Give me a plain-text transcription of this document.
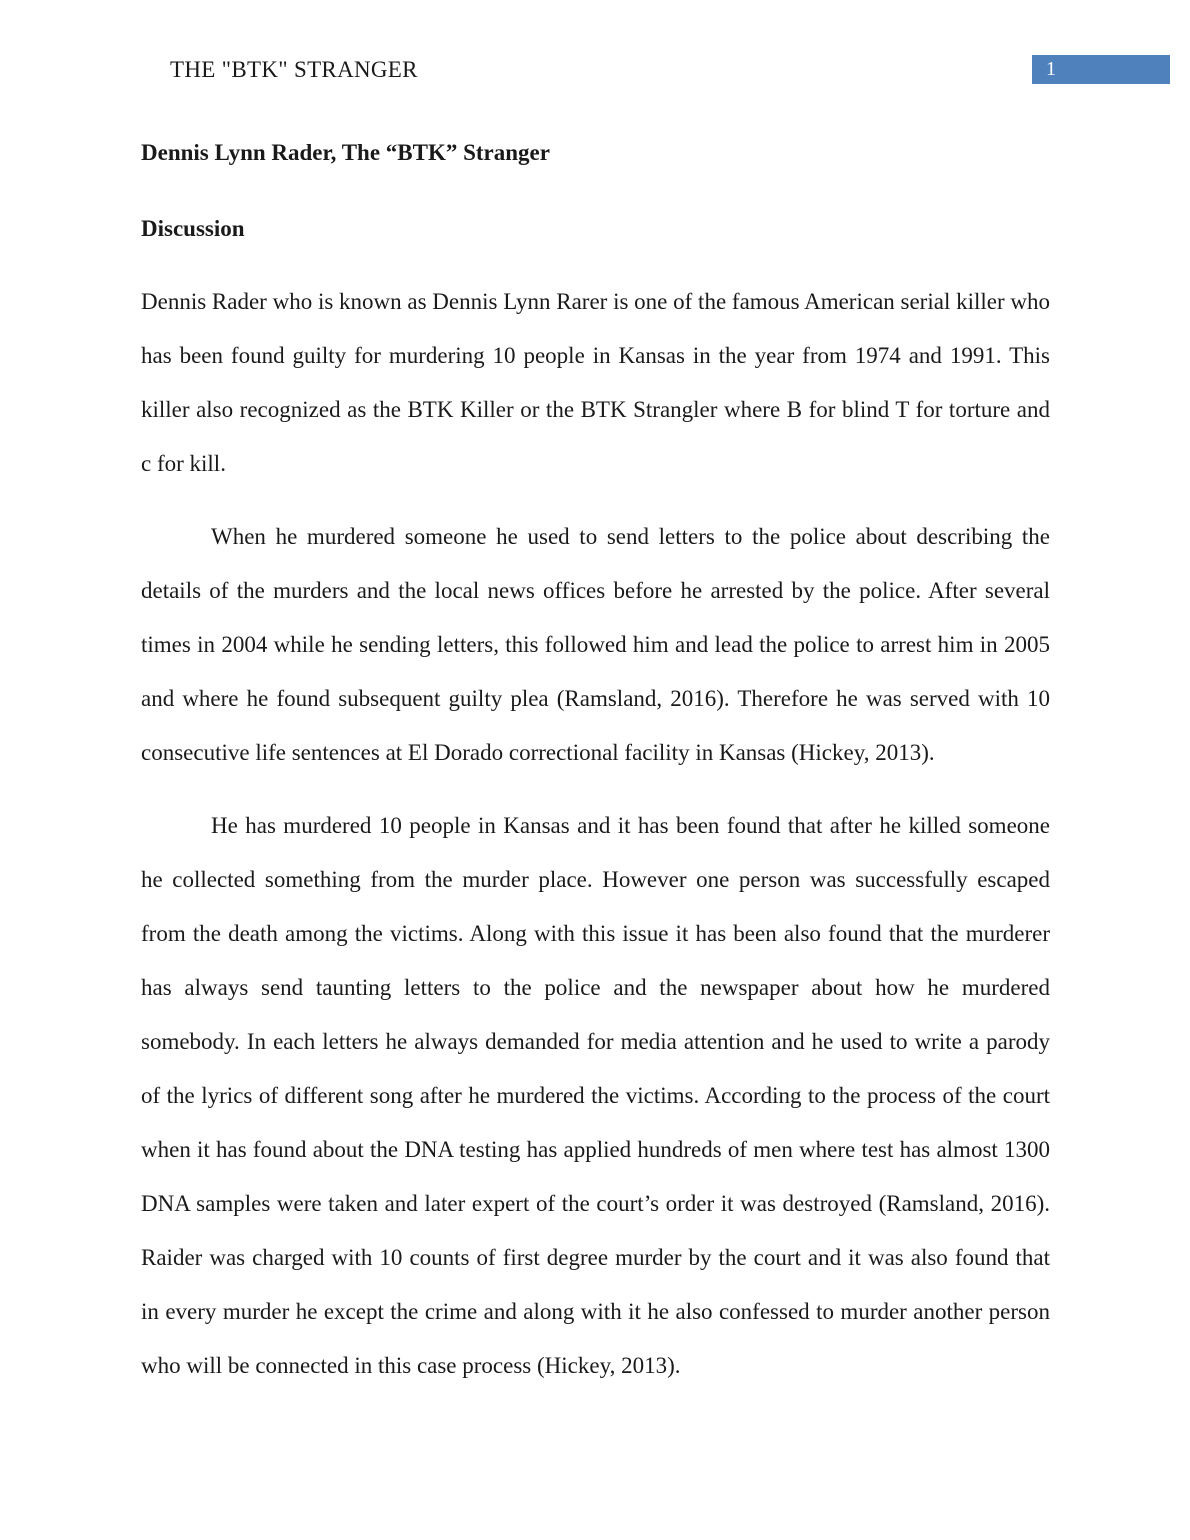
THE "BTK" STRANGER	1
Dennis Lynn Rader, The “BTK” Stranger
Discussion

Dennis Rader who is known as Dennis Lynn Rarer is one of the famous American serial killer who has been found guilty for murdering 10 people in Kansas in the year from 1974 and 1991. This killer also recognized as the BTK Killer or the BTK Strangler where B for blind T for torture and c for kill.

When he murdered someone he used to send letters to the police about describing the details of the murders and the local news offices before he arrested by the police. After several times in 2004 while he sending letters, this followed him and lead the police to arrest him in 2005 and where he found subsequent guilty plea (Ramsland, 2016). Therefore he was served with 10 consecutive life sentences at El Dorado correctional facility in Kansas (Hickey, 2013).

He has murdered 10 people in Kansas and it has been found that after he killed someone he collected something from the murder place. However one person was successfully escaped from the death among the victims. Along with this issue it has been also found that the murderer has always send taunting letters to the police and the newspaper about how he murdered somebody. In each letters he always demanded for media attention and he used to write a parody of the lyrics of different song after he murdered the victims. According to the process of the court when it has found about the DNA testing has applied hundreds of men where test has almost 1300 DNA samples were taken and later expert of the court’s order it was destroyed (Ramsland, 2016). Raider was charged with 10 counts of first degree murder by the court and it was also found that in every murder he except the crime and along with it he also confessed to murder another person who will be connected in this case process (Hickey, 2013).
